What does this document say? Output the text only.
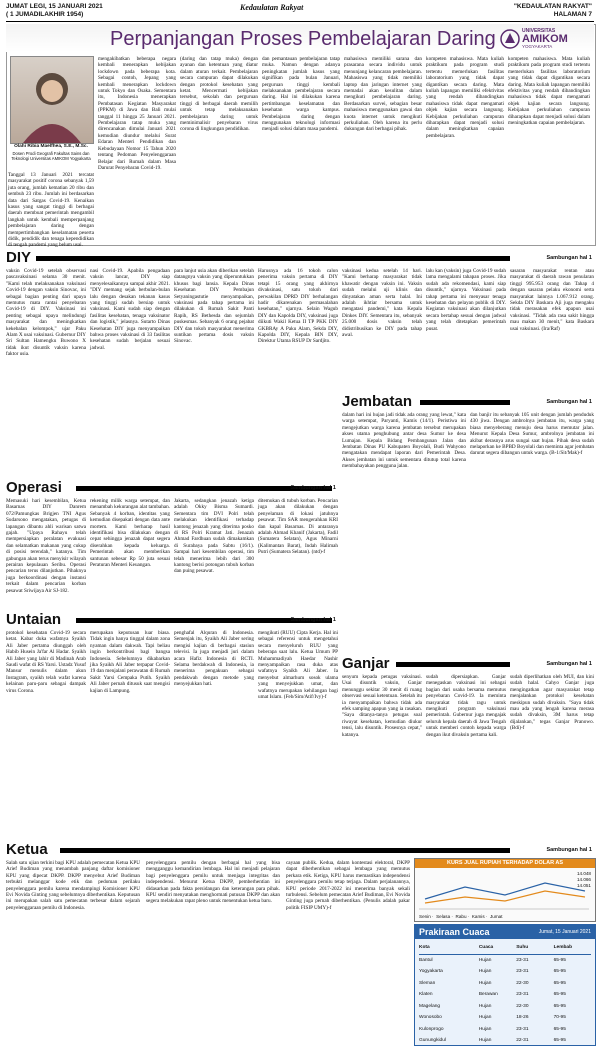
JUMAT LEGI, 15 JANUARI 2021
( 1 JUMADILAKHIR 1954)
Kedaulatan Rakyat	"KEDAULATAN RAKYAT"
HALAMAN 7
Perpanjangan Proses Pembelajaran Daring	UNIVERSITAS
AMIKOM
YOGYAKARTA
Olahi Ribia Maelfhea, S.E., M.Sc.
Dosen Prodi Geografi Fakultas Sains dan Teknologi Universitas AMIKOM Yogyakarta
Tanggal 13 Januari 2021 tercatat masyarakat positif corona sebanyak 1,59 juta orang, jumlah kematian 20 ribu dan sembuh 23 ribu. Jumlah ini berdasarkan data dari Satgas Covid-19. Kenaikan kasus yang sangat tinggi di berbagai daerah membuat pemerintah mengambil langkah untuk kembali memperpanjang pembelajaran daring dengan mempertimbangkan keselamatan peserta didik, pendidik dan tenaga kependidikan di tengah pandemi yang belum usai.
mengakibatkan beberapa negara kembali menerapkan kebijakan lockdown pada beberapa kota. Sebagai contoh, Jepang yang kembali menerapkan lockdown untuk Tokyo dan Osaka. Sementara itu, Indonesia menerapkan Pembatasan Kegiatan Masyarakat (PPKM) di Jawa dan Bali mulai tanggal 11 hingga 25 Januari 2021. Pembelajaran tatap muka yang direncanakan dimulai Januari 2021 kemudian diundur melalui Surat Edaran Menteri Pendidikan dan Kebudayaan Nomor 15 Tahun 2020 tentang Pedoman Penyelenggaraan Belajar dari Rumah dalam Masa Darurat Penyebaran Covid-19.
(daring dan tatap muka) dengan ayanan dan ketentuan yang diatur dalam aturan terkait. Pembelajaran secara campuran dapat dilakukan dengan protokol kesehatan yang ketat. Mencermati kebijakan tersebut, sekolah dan perguruan tinggi di berbagai daerah memilih untuk tetap melaksanakan pembelajaran daring untuk meminimalisir penyebaran virus corona di lingkungan pendidikan.
dan pemantauan pembelajaran tatap muka. Namun dengan adanya peningkatan jumlah kasus yang signifikan pada bulan Januari, perguruan tinggi kembali melaksanakan pembelajaran secara daring. Hal ini dilakukan karena pertimbangan keselamatan dan kesehatan warga kampus. Pembelajaran daring dengan menggunakan teknologi informasi menjadi solusi dalam masa pandemi.
mahasiswa memiliki sarana dan prasarana secara individu untuk menunjang kelancaran pembelajaran. Mahasiswa yang tidak memiliki laptop dan jaringan internet yang memadai akan kesulitan dalam mengikuti pembelajaran daring. Berdasarkan survei, sebagian besar mahasiswa menggunakan gawai dan kuota internet untuk mengikuti perkuliahan. Oleh karena itu perlu dukungan dari berbagai pihak.
kompeten mahasiswa. Mata kuliah praktikum pada program studi tertentu memerlukan fasilitas laboratorium yang tidak dapat digantikan secara daring. Mata kuliah lapangan memiliki efektivitas yang rendah dibandingkan mahasiswa tidak dapat mengamati objek kajian secara langsung. Kebijakan perkuliahan campuran diharapkan dapat menjadi solusi dalam meningkatkan capaian pembelajaran.
kompeten mahasiswa. Mata kuliah praktikum pada program studi tertentu memerlukan fasilitas laboratorium yang tidak dapat digantikan secara daring. Mata kuliah lapangan memiliki efektivitas yang rendah dibandingkan mahasiswa tidak dapat mengamati objek kajian secara langsung. Kebijakan perkuliahan campuran diharapkan dapat menjadi solusi dalam meningkatkan capaian pembelajaran.
DIY	Sambungan hal 1
vaksin Covid-19 setelah observasi pascavaksinasi selama 30 menit. "Kami telah melaksanakan vaksinasi Covid-19 dengan vaksin Sinovac, ini sebagai bagian penting dari upaya memutus mata rantai penyebaran Covid-19 di DIY. Vaksinasi ini penting sebagai upaya melindungi masyarakat dan meningkatkan kekebalan kelompok," ujar Paku Alam X usai vaksinasi. Gubernur DIY Sri Sultan Hamengku Buwono X tidak ikut disuntik vaksin karena faktor usia.
nasi Covid-19. Apabila pengadaan vaksin lancar, DIY siap menyelesaikannya sampai akhir 2021. "DIY memang sejak berbulan-bulan lalu dengan desakan tekanan kasus yang tinggi sudah bersiap untuk vaksinasi. Kami sudah siap dengan fasilitas kesehatan, tenaga vaksinator dan logistik," jelasnya. Sutarto Dinas Kesehatan DIY juga menyampaikan bahwa proses vaksinasi di 33 fasilitas kesehatan sudah berjalan sesuai jadwal.
para lanjut usia akan diberikan setelah datangnya vaksin yang diperuntukkan khusus bagi lansia. Kepala Dinas Kesehatan DIY Pembajun Setyaningastutie menyampaikan, vaksinasi pada tahap pertama ini dilakukan di Rumah Sakit Panti Rapih, RS Bethesda dan sejumlah puskesmas. Sebanyak 6 orang pejabat DIY dan tokoh masyarakat menerima suntikan pertama dosis vaksin Sinovac.
Harusnya ada 16 tokoh calon penerima vaksin pertama di DIY tetapi 15 orang yang akhirnya divaksinasi, satu tokoh dari perwakilan DPRD DIY berhalangan hadir dikarenakan permasalahan kesehatan," ujarnya. Selain Wagub DIY dan Kapolda DIY, vaksinasi juga diikuti Wakil Ketua II TP PKK DIY GKBRAy A Paku Alam, Sekda DIY, Kapolda DIY, Kepala BIN DIY, Direktur Utama RSUP Dr Sardjito.
vaksinasi kedua setelah 14 hari. "Kami berharap masyarakat tidak khawatir dengan vaksin ini. Vaksin sudah melalui uji klinis dan dinyatakan aman serta halal. Ini adalah ikhtiar bersama untuk mengatasi pandemi," kata Kepala Dinkes DIY. Sementara itu, sebanyak 25.000 dosis vaksin telah didistribusikan ke DIY pada tahap awal.
lalu kan (vaksin) juga Covid-19 sudah lama mengalami tahapan proses. Jika sudah ada rekomendasi, kami siap disuntik," ujarnya. Vaksinasi pada tahap pertama ini menyasar tenaga kesehatan dan pelayan publik di DIY. Kegiatan vaksinasi akan dilanjutkan secara bertahap sesuai dengan jadwal yang telah ditetapkan pemerintah pusat.
sasaran masyarakat rentan atau masyarakat di daerah rawan penularan tinggi 995.953 orang dan Tahap 4 dengan sasaran pelaku ekonomi serta masyarakat lainnya 1.067.912 orang. Sekda DIY Baskara Aji juga mengaku tidak merasakan efek apapun usai vaksinasi. "Tidak ada rasa sakit hingga mau makan 30 menit," kata Baskara usai vaksinasi. (Ira/Raf)
Jembatan	Sambungan hal 1
dalam hari ini hujan jadi tidak ada orang yang lewat," kata warga setempat, Paryanti, Kamis (14/1). Peristiwa ini mengejutkan warga karena jembatan tersebut merupakan akses utama penghubung antar desa Sumur ke desa Lumajan. Kepala Bidang Pembangunan Jalan dan Jembatan Dinas PU Kabupaten Boyolali, Budi Wahyono mengatakan mendapat laporan dari Pemerintah Desa. Akses jembatan ini untuk sementara ditutup total karena membahayakan pengguna jalan.
dan banjir itu sebanyak 105 unit dengan jumlah penduduk 430 jiwa. Dengan ambrolnya jembatan itu, warga yang biasa menyeberang menuju desa harus memutar jalan. Menurut Kepala Desa Sumur, ambrolnya jembatan ini akibat derasnya arus sungai saat hujan. Pihak desa sudah melaporkan ke BPBD Boyolali dan meminta agar jembatan darurat segera dibangun untuk warga. (B-1/Sit/Mak)-f
Operasi	Sambungan hal 1
Memasuki hari kesembilan, Ketua Basarnas DIY Danrem 072/Pamungkas Brigjen TNI Agus Sudarsono mengatakan, petugas di lapangan dibantu ahli warisan satwa gajah. "Upaya Rahayu telah mempersiapkan peralatan evakuasi dan selamatkan makanan yang cukup di posisi terendah," katanya. Tim gabungan akan terus menyisir wilayah perairan kepulauan Seribu. Operasi pencarian terus dilanjutkan. Pihaknya juga berkoordinasi dengan instansi terkait dalam pencarian korban pesawat Sriwijaya Air SJ-182.
rekening milik warga setempat, dan menambah kekurangan alat tambahan. Sebanyak 4 korban, identitas yang kemudian disepakati dengan data ante mortem. Kami berharap hasil identifikasi bisa dilakukan dengan cepat sehingga jenazah dapat segera diserahkan kepada keluarga. Pemerintah akan memberikan santunan sebesar Rp 50 juta sesuai Peraturan Menteri Keuangan.
Jakarta, sedangkan jenazah ketiga adalah Okky Bisma Sumardi. Sementara tim DVI Polri telah melakukan identifikasi terhadap kantong jenazah yang diterima posko di RS Polri Kramat Jati. Jenazah Ahmad Fardhuan sudah dimakamkan di Surabaya pada Sabtu (16/1). Sampai hari kesembilan operasi, tim telah menerima lebih dari 300 kantong berisi potongan tubuh korban dan puing pesawat.
ditemukan di tubuh korban. Pencarian juga akan dilakukan dengan penyelaman di lokasi jatuhnya pesawat. Tim SAR mengerahkan KRI dan kapal Basarnas. Di antaranya adalah Ahmad Khanif (Jakarta), Fadil (Sumatera Selatan), Agus Minarni (Kalimantan Barat), Indah Halimah Putri (Sumatera Selatan). (ntd)-f
Untaian	Sambungan hal 1
protokol kesehatan Covid-19 secara ketat. Kabar duka wafatnya Syaikh Ali Jaber pertama diunggah oleh Habib Husein Ja'far Al Hadar. Syaikh Ali Jaber yang lahir di Madinah Arab Saudi wafat di RS Yarsi. Ustadz Yusuf Mansur menulis dalam akun Instagram, syaikh telah wafat karena kelainan paru-paru sebagai dampak virus Corona.
merupakan keputusan luar biasa. Tidak ingin hanya tinggal dalam zona nyaman dalam dakwah. Tapi beliau ingin berkontribusi bagi bangsa Indonesia. Sebelumnya dikabarkan jika Syaikh Ali Jaber terpapar Covid-19 dan menjalani perawatan di Rumah Sakit Yarsi Cempaka Putih. Syaikh Ali Jaber pernah ditusuk saat mengisi kajian di Lampung.
penghafal Alquran di Indonesia. Semenjak itu, Syaikh Ali Jaber sering mengisi kajian di berbagai stasiun televisi. Ia juga menjadi juri dalam acara Hafiz Indonesia di RCTI. Selama berdakwah di Indonesia, ia menerima pengakuan sebagai pendakwah dengan metode yang menyejukkan hati.
mengikuti (RUU) Cipta Kerja. Hal ini sebagai referensi untuk mengetahui secara menyeluruh RUU yang beberapa saat lalu. Ketua Umum PP Muhammadiyah Haedar Nashir menyampaikan rasa duka atas wafatnya Syaikh Ali Jaber. Ia menyebut almarhum sosok ulama yang menyejukkan umat, dan wafatnya merupakan kehilangan bagi umat Islam. (Feb/Sim/Atif/Ivy)-f
Ganjar	Sambungan hal 1
senyum kepada petugas vaksinasi. Usai disuntik vaksin, Ganjar menunggu sekitar 30 menit di ruang observasi sesuai ketentuan. Setelah itu ia menyampaikan bahwa tidak ada efek samping apapun yang ia rasakan. "Saya ditanya-tanya petugas soal riwayat kesehatan, kemudian diukur tensi, lalu disuntik. Prosesnya cepat," katanya.
sudah dipersiapkan. Ganjar menegaskan vaksinasi ini sebagai bagian dari usaha bersama memutus penyebaran Covid-19. Ia meminta masyarakat tidak ragu untuk mengikuti program vaksinasi pemerintah. Gubernur juga mengajak seluruh kepala daerah di Jawa Tengah untuk memberi contoh kepada warga dengan ikut divaksin pertama kali.
sudah diperlihatkan oleh MUI, dan kini sudah halal. Cahyo Ganjar juga mengingatkan agar masyarakat tetap menjalankan protokol kesehatan meskipun sudah divaksin. "Saya tidak mau ada yang lengah karena merasa sudah divaksin, 3M harus tetap dijalankan," tegas Ganjar Pranowo. (Bdi)-f
Ketua	Sambungan hal 1
Salah satu ujian terkini bagi KPU adalah pemecatan Ketua KPU Arief Budiman yang menambah panjang daftar komisioner KPU yang dipecat DKPP. DKPP menyebut Arief Budiman terbukti melanggar kode etik dan pedoman perilaku penyelenggara pemilu karena mendampingi Komisioner KPU Evi Novida Ginting yang sebelumnya diberhentikan. Keputusan ini merupakan salah satu pemecatan terbesar dalam sejarah penyelenggaraan pemilu di Indonesia.
penyelenggara pemilu dengan berbagai hal yang bisa mengganggu kemandirian lembaga. Hal ini menjadi pelajaran bagi penyelenggara pemilu untuk menjaga integritas dan independensi. Menurut Ketua DKPP, pemberhentian ini didasarkan pada fakta persidangan dan keterangan para pihak. KPU sendiri menyatakan menghormati putusan DKPP dan akan segera melakukan rapat pleno untuk menentukan ketua baru.
cayaan publik. Kedua, dalam kontestasi elektoral, DKPP dapat diberhentikan sebagai lembaga yang memutus perkara etik. Ketiga, KPU harus memastikan independensi penyelenggara pemilu tetap terjaga. Dalam perjalanannya, KPU periode 2017-2022 ini menerima banyak sekali turbulensi. Sebelum pemecatan Arief Budiman, Evi Novida Ginting juga pernah diberhentikan. (Penulis adalah pakar politik FISIP UMY)-f
KURS JUAL RUPIAH TERHADAP DOLAR AS
Senin ·  Selasa ·  Rabu ·  Kamis ·  Jumat
14.048
14.066
14.051
Prakiraan Cuaca	Jumat, 15 Januari 2021
Kota	Cuaca	Suhu	Lembab
Bantul	Hujan	23-31	65-95
Yogyakarta	Hujan	23-31	65-95
Sleman	Hujan	22-30	65-95
Klaten	Berawan	23-31	65-95
Magelang	Hujan	22-30	65-95
Wonosobo	Hujan	18-26	70-95
Kulonprogo	Hujan	23-31	65-95
Gunungkidul	Hujan	22-31	65-95
